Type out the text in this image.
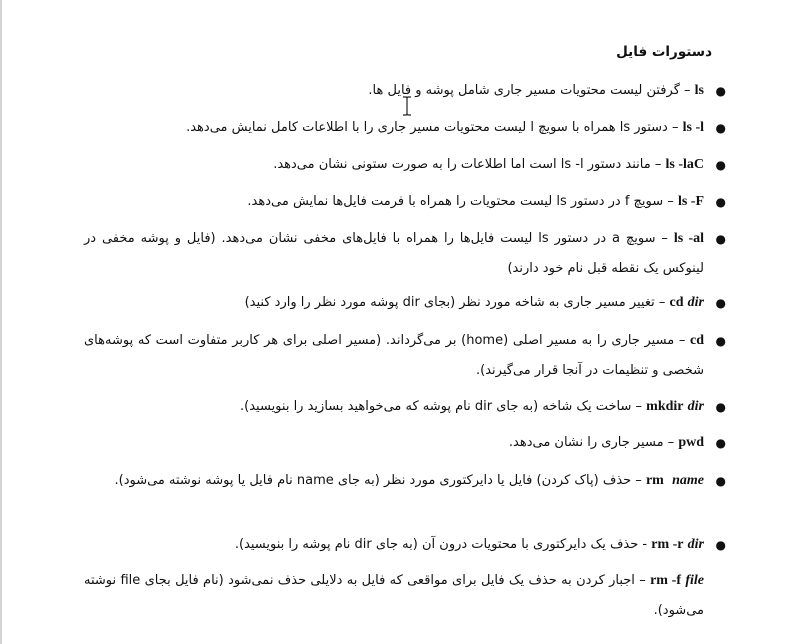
دستورات فایل
●
ls – گرفتن لیست محتویات مسیر جاری شامل پوشه و فایل ها.
●
ls -l – دستور ls همراه با سویچ l لیست محتویات مسیر جاری را با اطلاعات کامل نمایش می‌دهد.
●
ls -laC – مانند دستور ls -l است اما اطلاعات را به صورت ستونی نشان می‌دهد.
●
ls -F – سویچ f در دستور ls لیست محتویات را همراه با فرمت فایل‌ها نمایش می‌دهد.
●
ls -al – سویچ a در دستور ls لیست فایل‌ها را همراه با فایل‌های مخفی نشان می‌دهد. (فایل و پوشه مخفی در لینوکس یک نقطه قبل نام خود دارند)
●
cd dir – تغییر مسیر جاری به شاخه مورد نظر (بجای dir پوشه مورد نظر را وارد کنید)
●
cd – مسیر جاری را به مسیر اصلی (home) بر می‌گرداند. (مسیر اصلی برای هر کاربر متفاوت است که پوشه‌های شخصی و تنظیمات در آنجا قرار می‌گیرند).
●
mkdir dir – ساخت یک شاخه (به جای dir نام پوشه که می‌خواهید بسازید را بنویسید).
●
pwd – مسیر جاری را نشان می‌دهد.
●
rm name – حذف (پاک کردن) فایل یا دایرکتوری مورد نظر (به جای name نام فایل یا پوشه نوشته می‌شود).
●
rm -r dir - حذف یک دایرکتوری با محتویات درون آن (به جای dir نام پوشه را بنویسید).
rm -f file – اجبار کردن به حذف یک فایل برای مواقعی که فایل به دلایلی حذف نمی‌شود (نام فایل بجای file نوشته می‌شود).
